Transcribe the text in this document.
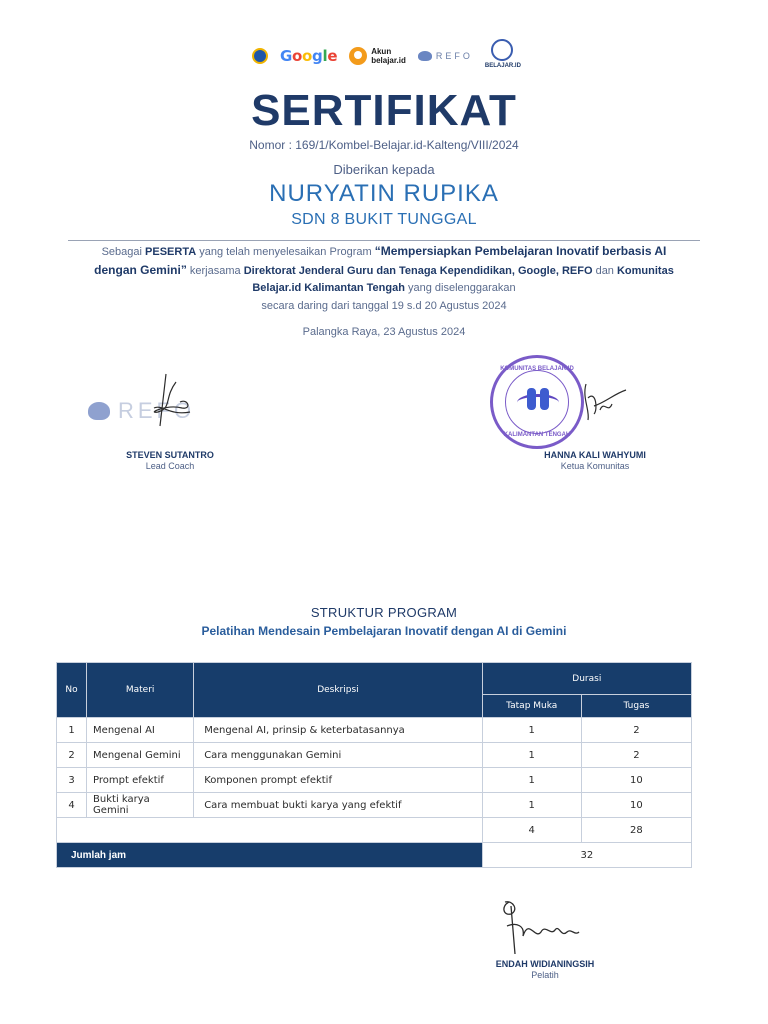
Google	Akun
belajar.id	REFO
BELAJAR.ID
SERTIFIKAT
Nomor : 169/1/Kombel-Belajar.id-Kalteng/VIII/2024
Diberikan kepada
NURYATIN RUPIKA
SDN 8 BUKIT TUNGGAL
Sebagai PESERTA yang telah menyelesaikan Program “Mempersiapkan Pembelajaran Inovatif berbasis AI dengan Gemini” kerjasama Direktorat Jenderal Guru dan Tenaga Kependidikan, Google, REFO dan Komunitas Belajar.id Kalimantan Tengah yang diselenggarakan
secara daring dari tanggal 19 s.d 20 Agustus 2024
Palangka Raya, 23 Agustus 2024
REFO
STEVEN SUTANTRO
Lead Coach
KOMUNITAS BELAJAR.ID
KALIMANTAN TENGAH
HANNA KALI WAHYUMI
Ketua Komunitas
STRUKTUR PROGRAM
Pelatihan Mendesain Pembelajaran Inovatif dengan AI di Gemini
No	Materi	Deskripsi	Durasi	
			Tatap Muka	Tugas
1	Mengenal AI	Mengenal AI, prinsip & keterbatasannya	1	2
2	Mengenal Gemini	Cara menggunakan Gemini	1	2
3	Prompt efektif	Komponen prompt efektif	1	10
4	Bukti karya Gemini	Cara membuat bukti karya yang efektif	1	10
			4	28
Jumlah jam			32	
ENDAH WIDIANINGSIH
Pelatih
